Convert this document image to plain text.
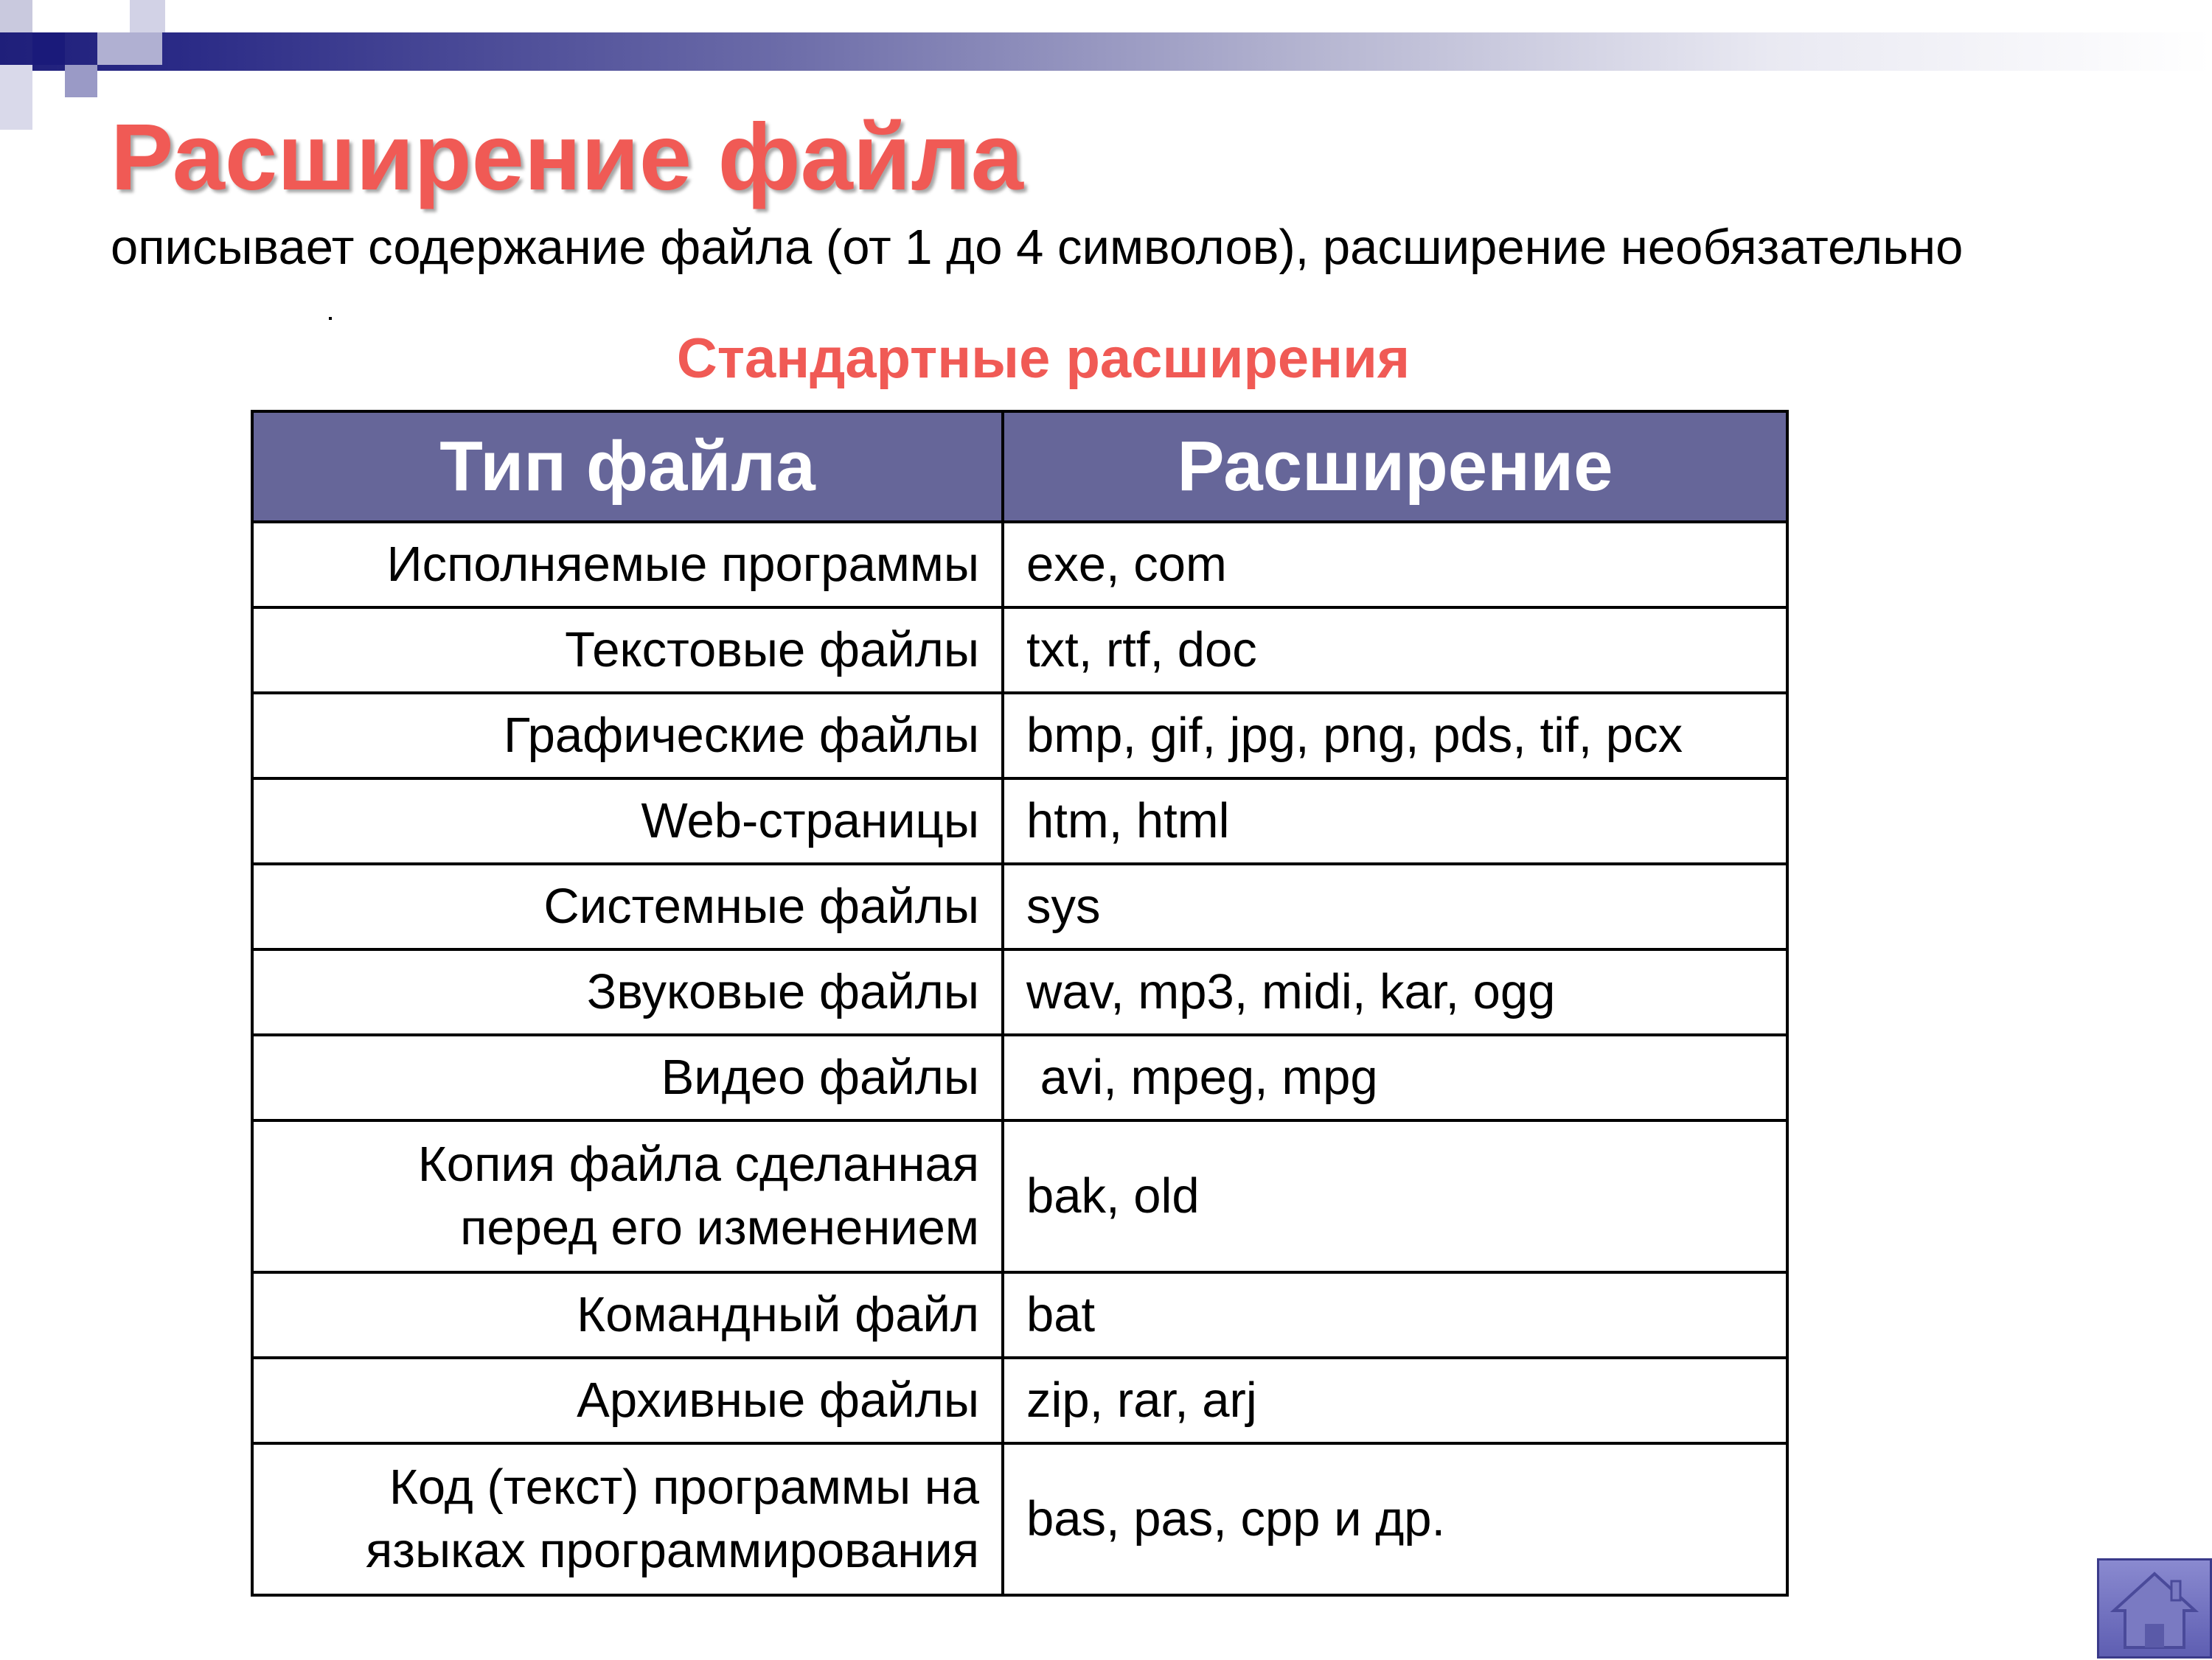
Расширение файла
описывает содержание файла (от 1 до 4 символов), расширение необязательно
Стандартные расширения
Тип файла	Расширение
Исполняемые программы	exe, com
Текстовые файлы	txt, rtf, doc
Графические файлы	bmp, gif, jpg, png, pds, tif, pcx
Web-страницы	htm, html
Системные файлы	sys
Звуковые файлы	wav, mp3, midi, kar, ogg
Видео файлы	avi, mpeg, mpg
Копия файла сделанная перед его изменением	bak, old
Командный файл	bat
Архивные файлы	zip, rar, arj
Код (текст) программы на языках программирования	bas, pas, cpp и др.
